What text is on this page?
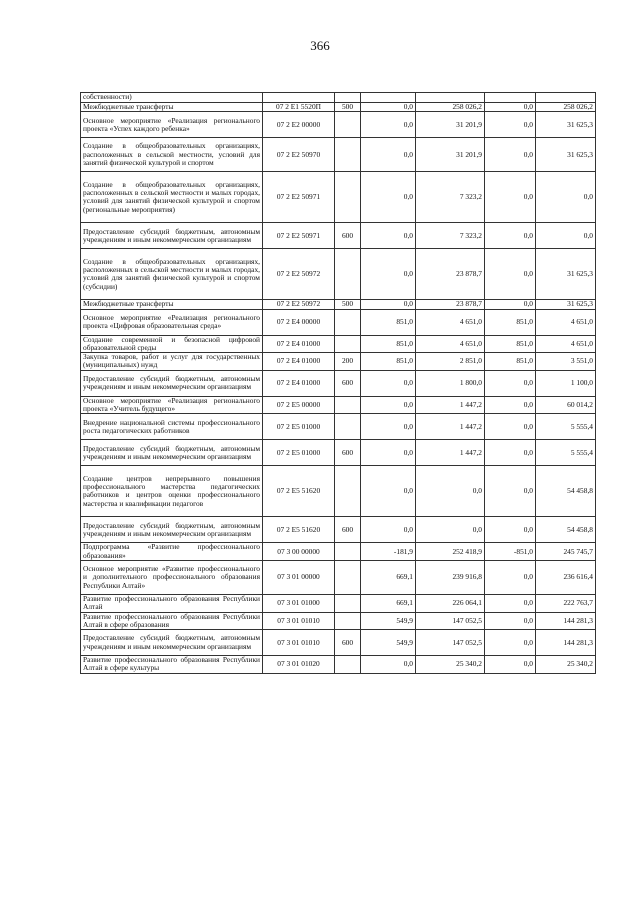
366
собственности)						
Межбюджетные трансферты	07 2 E1 5520П	500	0,0	258 026,2	0,0	258 026,2
Основное мероприятие «Реализация регионального проекта «Успех каждого ребенка»	07 2 E2 00000		0,0	31 201,9	0,0	31 625,3
Создание в общеобразовательных организациях, расположенных в сельской местности, условий для занятий физической культурой и спортом	07 2 E2 50970		0,0	31 201,9	0,0	31 625,3
Создание в общеобразовательных организациях, расположенных в сельской местности и малых городах, условий для занятий физической культурой и спортом (региональные мероприятия)	07 2 E2 50971		0,0	7 323,2	0,0	0,0
Предоставление субсидий бюджетным, автономным учреждениям и иным некоммерческим организациям	07 2 E2 50971	600	0,0	7 323,2	0,0	0,0
Создание в общеобразовательных организациях, расположенных в сельской местности и малых городах, условий для занятий физической культурой и спортом (субсидии)	07 2 E2 50972		0,0	23 878,7	0,0	31 625,3
Межбюджетные трансферты	07 2 E2 50972	500	0,0	23 878,7	0,0	31 625,3
Основное мероприятие «Реализация регионального проекта «Цифровая образовательная среда»	07 2 E4 00000		851,0	4 651,0	851,0	4 651,0
Создание современной и безопасной цифровой образовательной среды	07 2 E4 01000		851,0	4 651,0	851,0	4 651,0
Закупка товаров, работ и услуг для государственных (муниципальных) нужд	07 2 E4 01000	200	851,0	2 851,0	851,0	3 551,0
Предоставление субсидий бюджетным, автономным учреждениям и иным некоммерческим организациям	07 2 E4 01000	600	0,0	1 800,0	0,0	1 100,0
Основное мероприятие «Реализация регионального проекта «Учитель будущего»	07 2 E5 00000		0,0	1 447,2	0,0	60 014,2
Внедрение национальной системы профессионального роста педагогических работников	07 2 E5 01000		0,0	1 447,2	0,0	5 555,4
Предоставление субсидий бюджетным, автономным учреждениям и иным некоммерческим организациям	07 2 E5 01000	600	0,0	1 447,2	0,0	5 555,4
Создание центров непрерывного повышения профессионального мастерства педагогических работников и центров оценки профессионального мастерства и квалификации педагогов	07 2 E5 51620		0,0	0,0	0,0	54 458,8
Предоставление субсидий бюджетным, автономным учреждениям и иным некоммерческим организациям	07 2 E5 51620	600	0,0	0,0	0,0	54 458,8
Подпрограмма «Развитие профессионального образования»	07 3 00 00000		-181,9	252 418,9	-851,0	245 745,7
Основное мероприятие «Развитие профессионального и дополнительного профессионального образования Республики Алтай»	07 3 01 00000		669,1	239 916,8	0,0	236 616,4
Развитие профессионального образования Республики Алтай	07 3 01 01000		669,1	226 064,1	0,0	222 763,7
Развитие профессионального образования Республики Алтай в сфере образования	07 3 01 01010		549,9	147 052,5	0,0	144 281,3
Предоставление субсидий бюджетным, автономным учреждениям и иным некоммерческим организациям	07 3 01 01010	600	549,9	147 052,5	0,0	144 281,3
Развитие профессионального образования Республики Алтай в сфере культуры	07 3 01 01020		0,0	25 340,2	0,0	25 340,2
